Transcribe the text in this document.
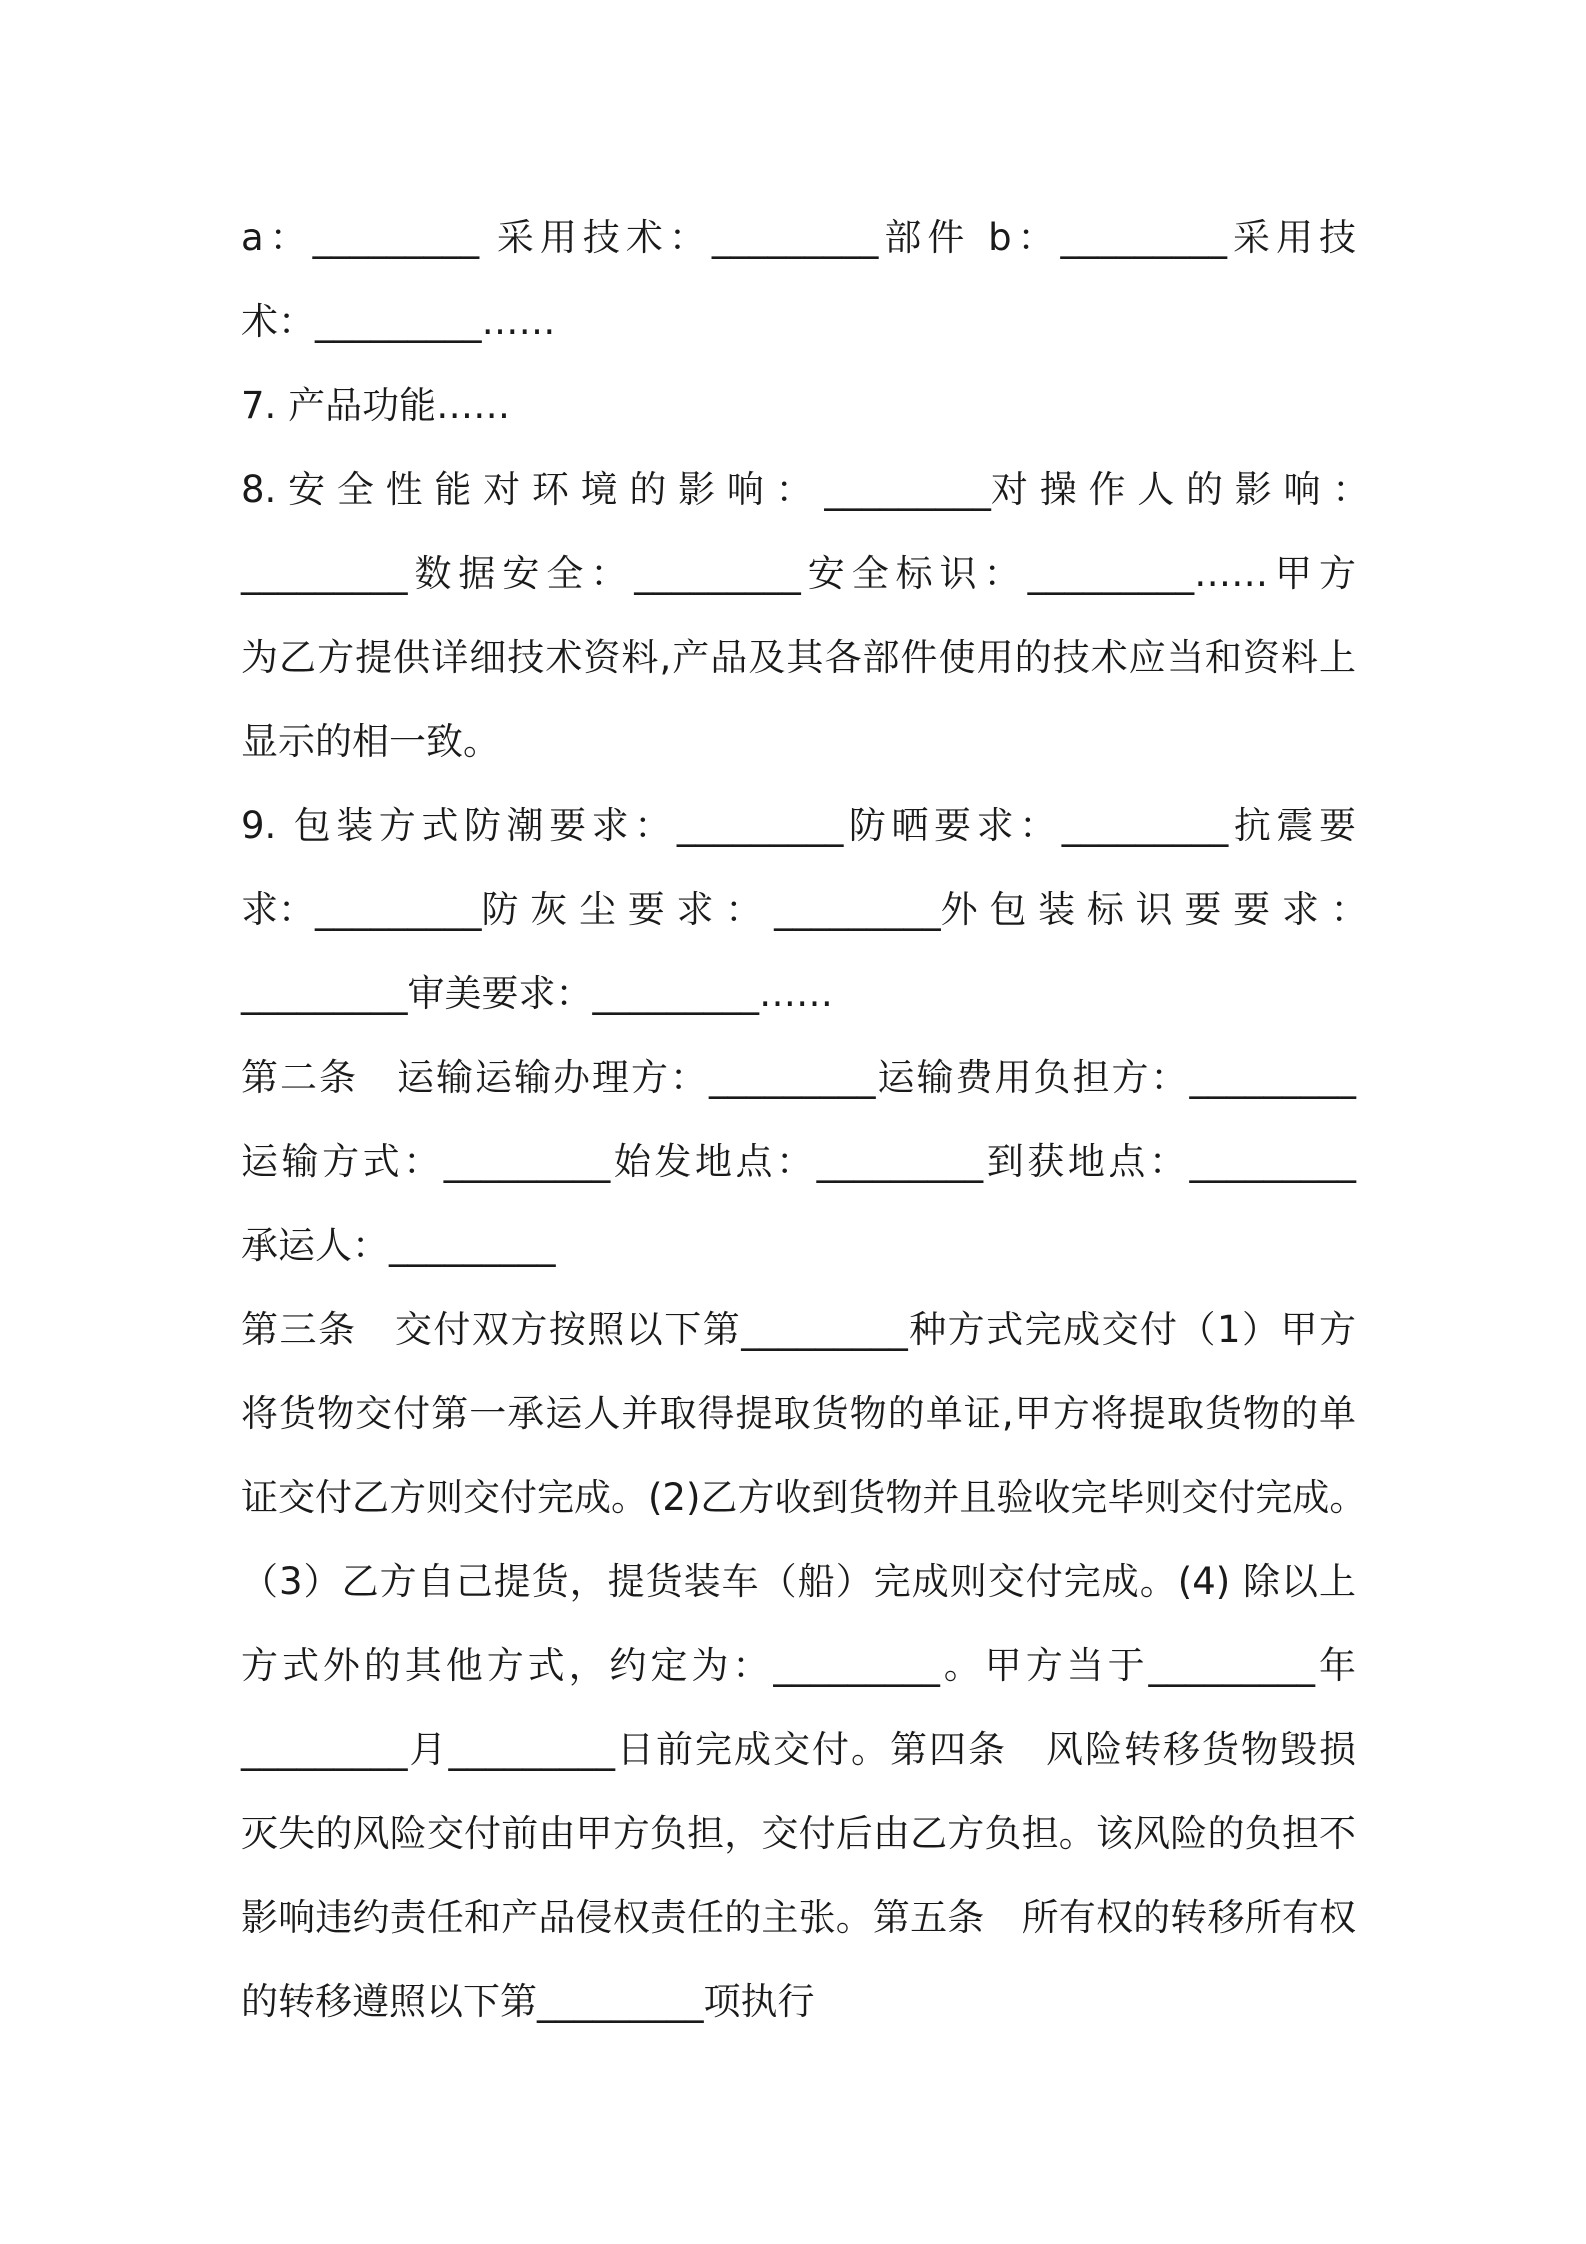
a：_________ 采用技术：_________部件 b：_________采用技
术：_________……
7. 产品功能……
8. 安 全 性 能 对 环 境 的 影 响 ： _________对 操 作 人 的 影 响 ：
_________数据安全：_________安全标识：_________……甲方
为乙方提供详细技术资料,产品及其各部件使用的技术应当和资料上
显示的相一致。
9. 包装方式防潮要求：_________防晒要求：_________抗震要
求：_________防 灰 尘 要 求 ： _________外 包 装 标 识 要 要 求 ：
_________审美要求：_________……
第二条　运输运输办理方：_________运输费用负担方：_________
运输方式：_________始发地点：_________到获地点：_________
承运人：_________
第三条　交付双方按照以下第_________种方式完成交付（1）甲方
将货物交付第一承运人并取得提取货物的单证,甲方将提取货物的单
证交付乙方则交付完成。(2)乙方收到货物并且验收完毕则交付完成。
（3）乙方自己提货，提货装车（船）完成则交付完成。(4) 除以上
方式外的其他方式，约定为：_________。甲方当于_________年
_________月_________日前完成交付。第四条　风险转移货物毁损
灭失的风险交付前由甲方负担，交付后由乙方负担。该风险的负担不
影响违约责任和产品侵权责任的主张。第五条　所有权的转移所有权
的转移遵照以下第_________项执行
